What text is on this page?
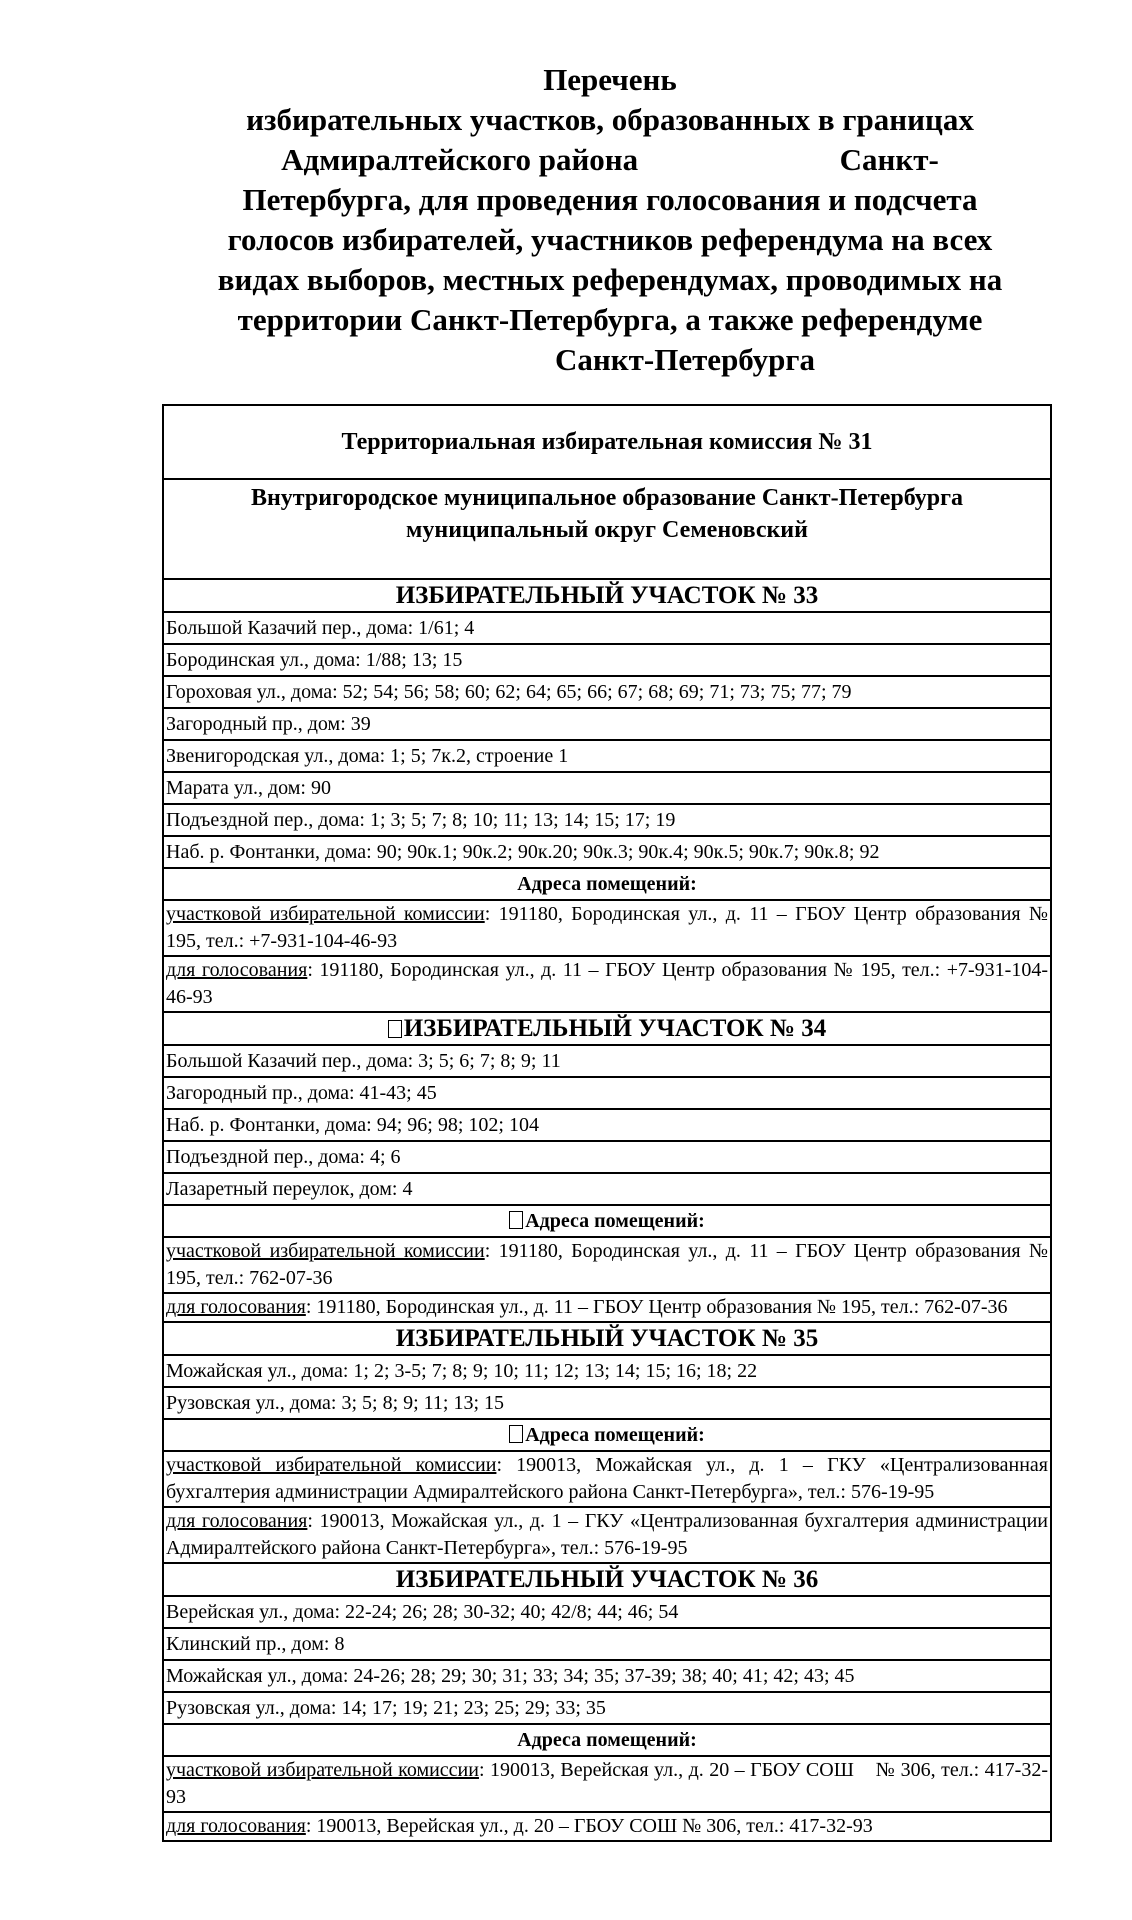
Перечень
избирательных участков, образованных в границах
Адмиралтейского района                          Санкт-
Петербурга, для проведения голосования и подсчета
голосов избирателей, участников референдума на всех
видах выборов, местных референдумах, проводимых на
территории Санкт-Петербурга, а также референдуме
Санкт-Петербурга
Территориальная избирательная комиссия № 31

Внутригородское муниципальное образование Санкт-Петербурга
муниципальный округ Семеновский

ИЗБИРАТЕЛЬНЫЙ УЧАСТОК № 33
Большой Казачий пер., дома: 1/61; 4
Бородинская ул., дома: 1/88; 13; 15
Гороховая ул., дома: 52; 54; 56; 58; 60; 62; 64; 65; 66; 67; 68; 69; 71; 73; 75; 77; 79
Загородный пр., дом: 39
Звенигородская ул., дома: 1; 5; 7к.2, строение 1
Марата ул., дом: 90
Подъездной пер., дома: 1; 3; 5; 7; 8; 10; 11; 13; 14; 15; 17; 19
Наб. р. Фонтанки, дома: 90; 90к.1; 90к.2; 90к.20; 90к.3; 90к.4; 90к.5; 90к.7; 90к.8; 92
Адреса помещений:
участковой избирательной комиссии: 191180, Бородинская ул., д. 11 – ГБОУ Центр образования № 195, тел.: +7-931-104-46-93
для голосования: 191180, Бородинская ул., д. 11 – ГБОУ Центр образования № 195, тел.: +7-931-104-46-93
ИЗБИРАТЕЛЬНЫЙ УЧАСТОК № 34
Большой Казачий пер., дома: 3; 5; 6; 7; 8; 9; 11
Загородный пр., дома: 41-43; 45
Наб. р. Фонтанки, дома: 94; 96; 98; 102; 104
Подъездной пер., дома: 4; 6
Лазаретный переулок, дом: 4
Адреса помещений:
участковой избирательной комиссии: 191180, Бородинская ул., д. 11 – ГБОУ Центр образования № 195, тел.: 762-07-36
для голосования: 191180, Бородинская ул., д. 11 – ГБОУ Центр образования № 195, тел.: 762-07-36
ИЗБИРАТЕЛЬНЫЙ УЧАСТОК № 35
Можайская ул., дома: 1; 2; 3-5; 7; 8; 9; 10; 11; 12; 13; 14; 15; 16; 18; 22
Рузовская ул., дома: 3; 5; 8; 9; 11; 13; 15
Адреса помещений:
участковой избирательной комиссии: 190013, Можайская ул., д. 1 – ГКУ «Централизованная бухгалтерия администрации Адмиралтейского района Санкт-Петербурга», тел.: 576-19-95
для голосования: 190013, Можайская ул., д. 1 – ГКУ «Централизованная бухгалтерия администрации Адмиралтейского района Санкт-Петербурга», тел.: 576-19-95
ИЗБИРАТЕЛЬНЫЙ УЧАСТОК № 36
Верейская ул., дома: 22-24; 26; 28; 30-32; 40; 42/8; 44; 46; 54
Клинский пр., дом: 8
Можайская ул., дома: 24-26; 28; 29; 30; 31; 33; 34; 35; 37-39; 38; 40; 41; 42; 43; 45
Рузовская ул., дома: 14; 17; 19; 21; 23; 25; 29; 33; 35
Адреса помещений:
участковой избирательной комиссии: 190013, Верейская ул., д. 20 – ГБОУ СОШ    № 306, тел.: 417-32-93
для голосования: 190013, Верейская ул., д. 20 – ГБОУ СОШ № 306, тел.: 417-32-93
